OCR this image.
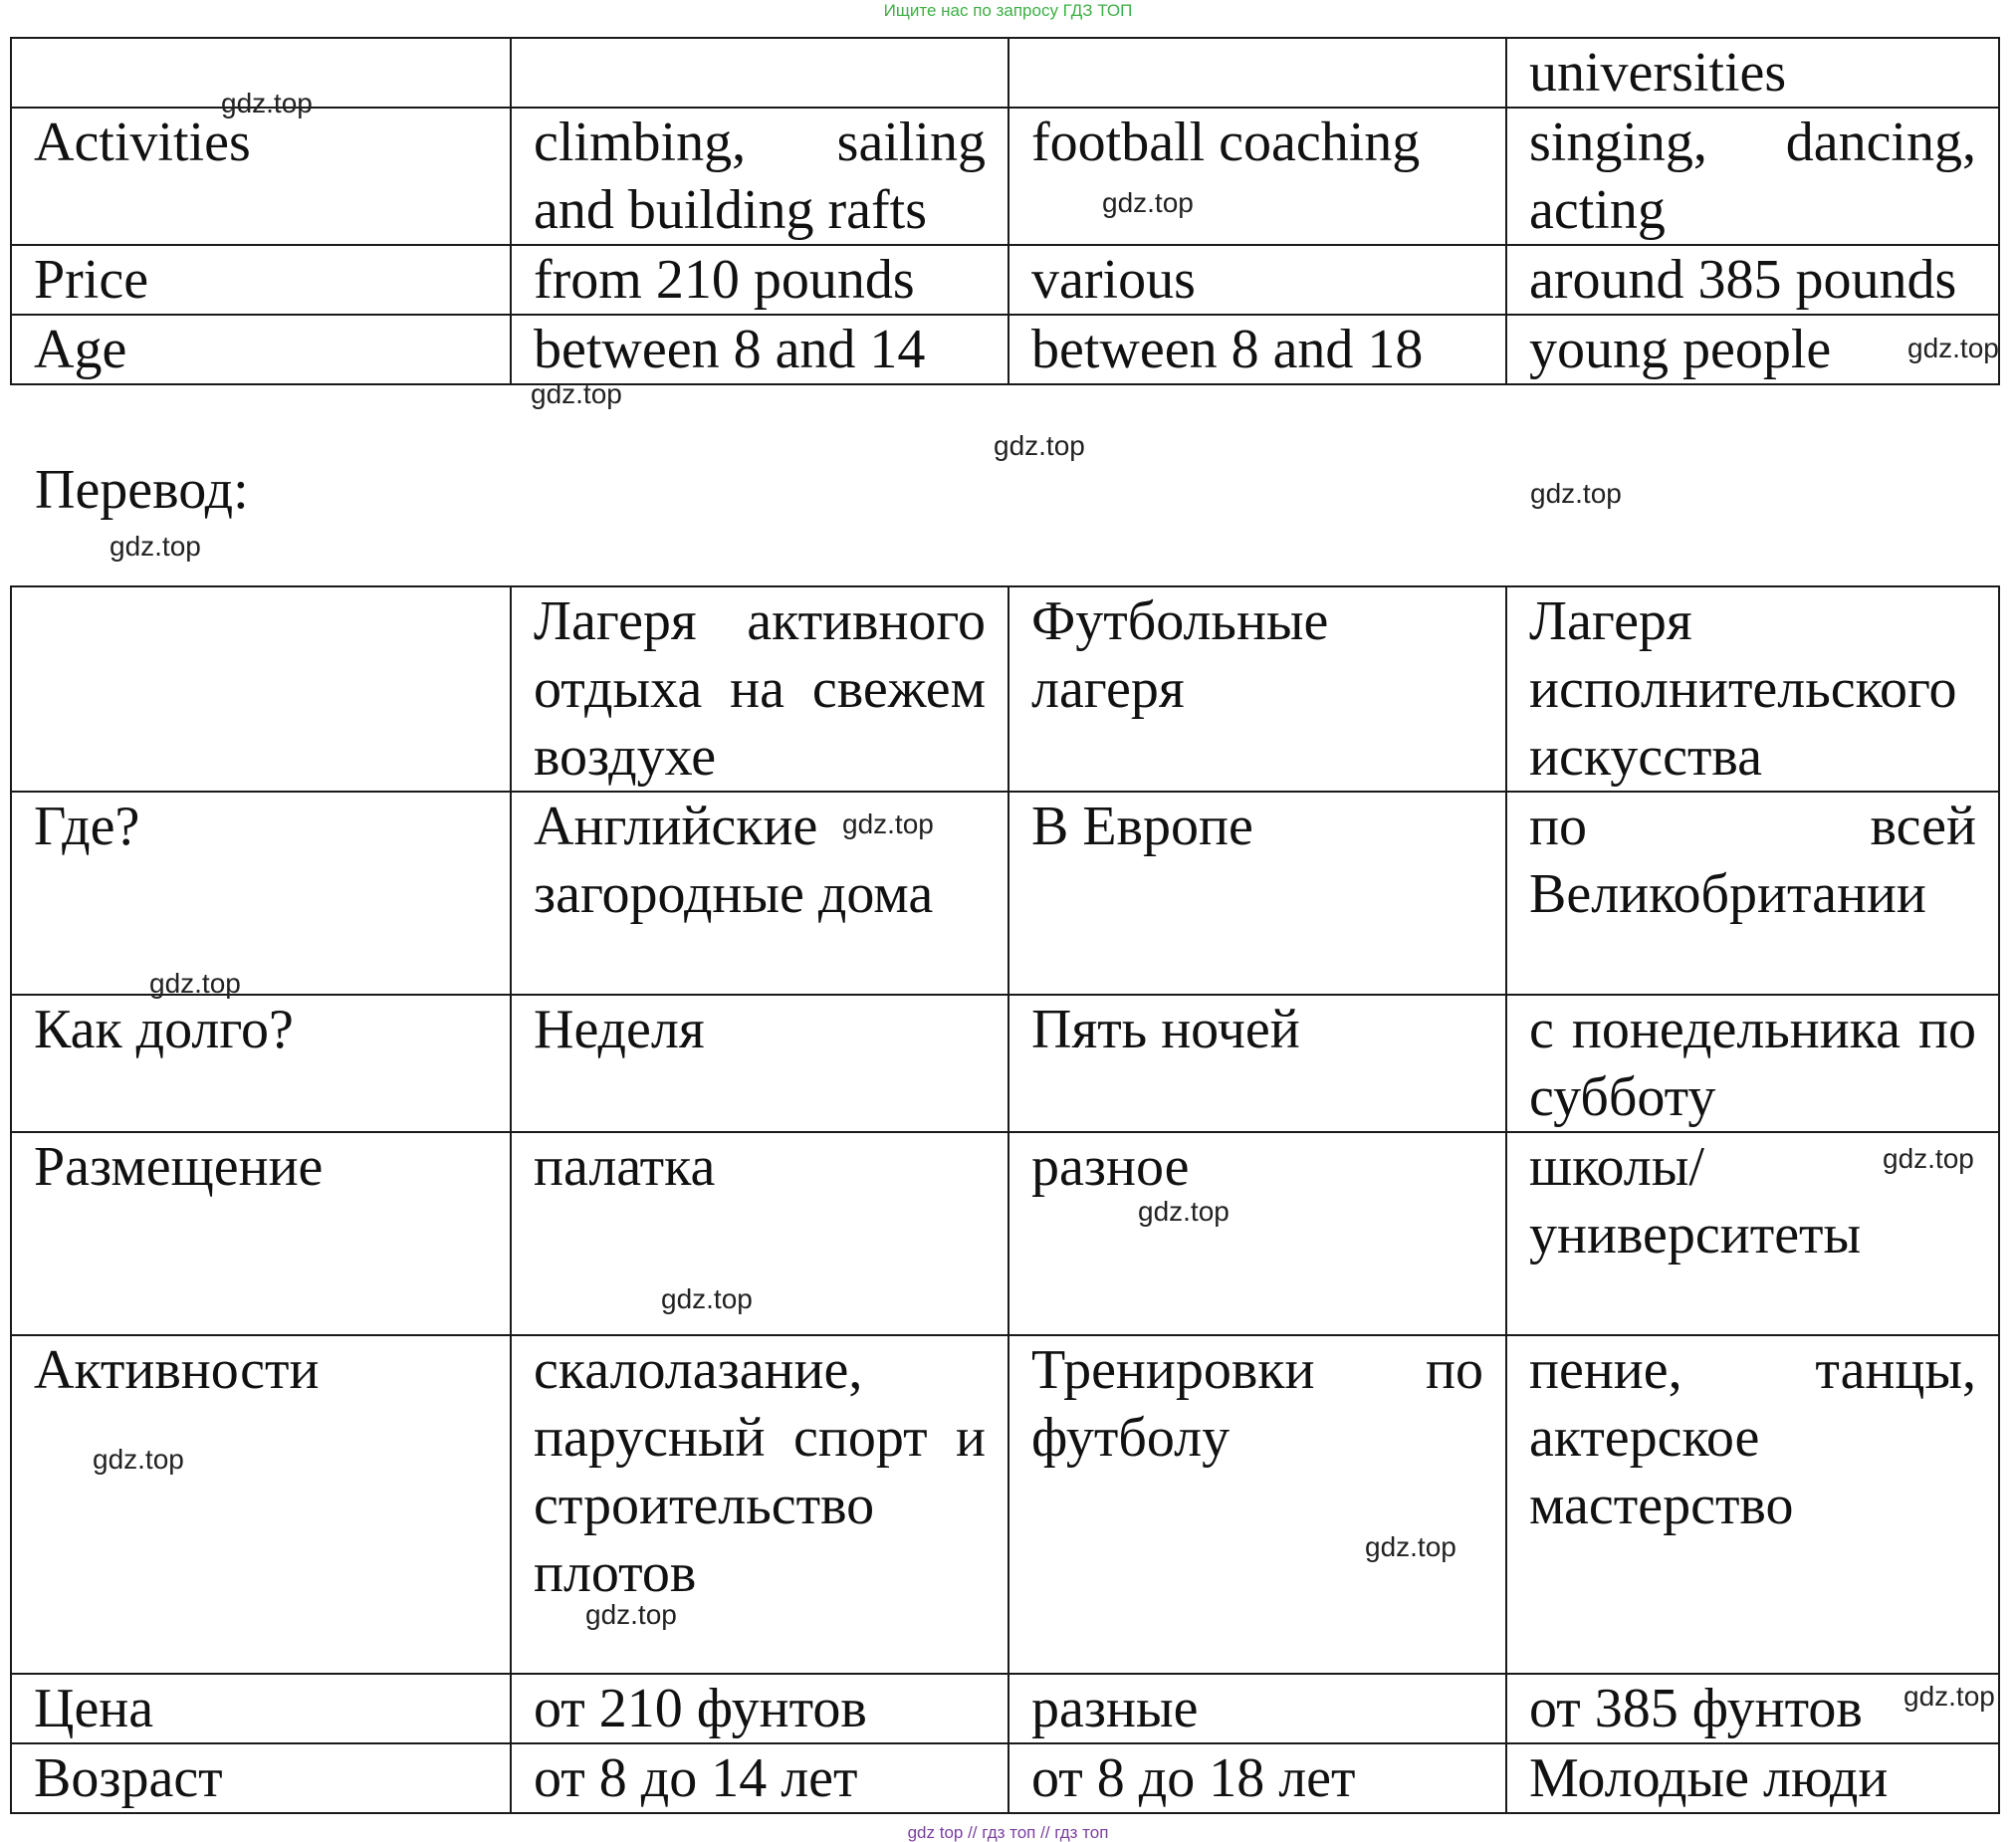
Ищите нас по запросу ГДЗ ТОП
			universities
Activities	climbing, sailing and building rafts	football coaching	singing, dancing, acting
Price	from 210 pounds	various	around 385 pounds
Age	between 8 and 14	between 8 and 18	young people
Перевод:
	Лагеря активного отдыха на свежем воздухе	Футбольные лагеря	Лагеря исполнительского искусства
Где?	Английские загородные дома	В Европе	по всей Великобритании
Как долго?	Неделя	Пять ночей	с понедельника по субботу
Размещение	палатка	разное	школы/ университеты
Активности	скалолазание, парусный спорт и строительство плотов	Тренировки по футболу	пение, танцы, актерское мастерство
Цена	от 210 фунтов	разные	от 385 фунтов
Возраст	от 8 до 14 лет	от 8 до 18 лет	Молодые люди
gdz.top
gdz.top
gdz.top
gdz.top
gdz.top
gdz.top
gdz.top
gdz.top
gdz.top
gdz.top
gdz.top
gdz.top
gdz.top
gdz.top
gdz.top
gdz.top
gdz top // гдз топ // гдз топ
